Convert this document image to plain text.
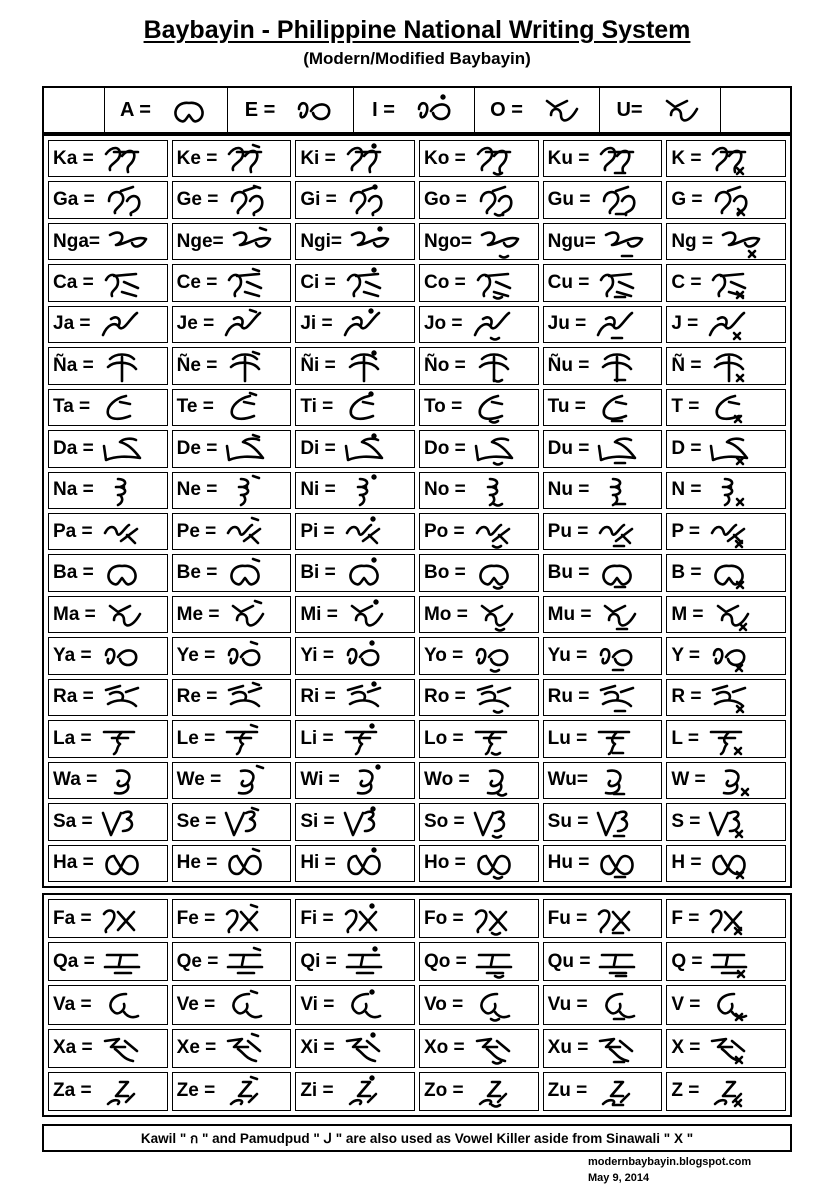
Baybayin - Philippine National Writing System
(Modern/Modified Baybayin)
A =	E =	I =	O =	U=
Ka =	Ke =	Ki =	Ko =	Ku =	K =
Ga =	Ge =	Gi =	Go =	Gu =	G =
Nga=	Nge=	Ngi=	Ngo=	Ngu=	Ng =
Ca =	Ce =	Ci =	Co =	Cu =	C =
Ja =	Je =	Ji =	Jo =	Ju =	J =
Ña =	Ñe =	Ñi =	Ño =	Ñu =	Ñ =
Ta =	Te =	Ti =	To =	Tu =	T =
Da =	De =	Di =	Do =	Du =	D =
Na =	Ne =	Ni =	No =	Nu =	N =
Pa =	Pe =	Pi =	Po =	Pu =	P =
Ba =	Be =	Bi =	Bo =	Bu =	B =
Ma =	Me =	Mi =	Mo =	Mu =	M =
Ya =	Ye =	Yi =	Yo =	Yu =	Y =
Ra =	Re =	Ri =	Ro =	Ru =	R =
La =	Le =	Li =	Lo =	Lu =	L =
Wa =	We =	Wi =	Wo =	Wu=	W =
Sa =	Se =	Si =	So =	Su =	S =
Ha =	He =	Hi =	Ho =	Hu =	H =
Fa =	Fe =	Fi =	Fo =	Fu =	F =
Qa =	Qe =	Qi =	Qo =	Qu =	Q =
Va =	Ve =	Vi =	Vo =	Vu =	V =
Xa =	Xe =	Xi =	Xo =	Xu =	X =
Za =	Ze =	Zi =	Zo =	Zu =	Z =
Kawil " ก " and Pamudpud " ᒍ " are also used as Vowel Killer aside from Sinawali " X "
modernbaybayin.blogspot.com
May 9, 2014
